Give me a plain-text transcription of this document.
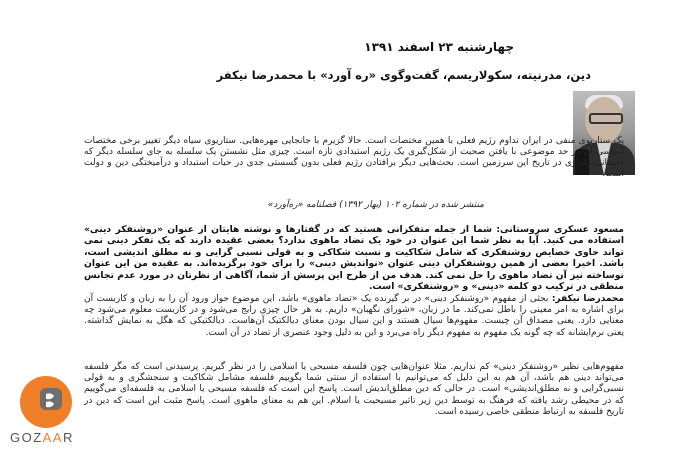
چهارشنبه ۲۳ اسفند ۱۳۹۱
دین، مدرنیته، سکولاریسم، گفت‌وگوی «ره آورد» با محمدرضا نیکفر

یک ستاریوی منفی در ایران تداوم رژیم فعلی با همین مختصات است. حالا گزیرم با جانجایی مهره‌هایی. ستاریوی سیاه دیگر تغییر برخی مختصات اساسی آن در حد موضوعی با یافتن صحبت از شکل‌گیری یک رژیم استبدادی تازه است. چیزی مثل نشستن یک سلسله به جای سلسله دیگر که داستانی تکراری در تاریخ این سرزمین است. بحث‌هایی دیگر برافتادن رژیم فعلی بدون گسستی جدی در حیات استبداد و درآمیختگی دین و دولت است.

منتشر شده در شماره ۱۰۲ (بهار ۱۳۹۲) فصلنامه «ره‌آورد»

مسعود عسکری سروستانی: شما از جمله متفکرانی هستید که در گفتارها و نوشته هایتان از عنوان «روشنفکر دینی» استفاده می کنید. آیا به نظر شما این عنوان در خود یک تضاد ماهوی ندارد؟ بعضی عقیده دارند که یک تفکر دینی نمی تواند حاوی خصایص روشنفکری که شامل شکاکیت و نسبت شکاکی و به قولی نسبی گرایی و نه مطلق اندیشی است، باشد. اخیرا بعضی از همین روشنفکران دینی عنوان «نواندیش دینی» را برای خود برگزیده‌اند. به عقیده من این عنوان نوساخته نیز آن تضاد ماهوی را حل نمی کند. هدف من از طرح این پرسش از شما، آگاهی از نظرتان در مورد عدم تجانس منطقی در ترکیب دو کلمه «دینی» و «روشنفکری» است.

محمدرضا نیکفر: بحثی از مفهوم «روشنفکر دینی» در بر گیرنده یک «تضاد ماهوی» باشد، این موضوع جواز ورود آن را به زبان و کاربست آن برای اشاره به امر معینی را باطل نمی‌کند. ما در زبان، «شورای نگهبان» داریم. به هر حال چیزی رایج می‌شود و در کاربست معلوم می‌شود چه معنایی دارد. یعنی مصداق آن چیست. مفهوم‌ها سیال هستند و این سیال بودن معنای دیالکتیک آن‌هاست. دیالکتیکی که هگل به نمایش گذاشته. یعنی نرم‌ایشانه که چه گونه یک مفهوم به مفهوم دیگر راه می‌برد و این به دلیل وجود عنصری از تضاد در آن است.

مفهوم‌هایی نظیر «روشنفکر دینی» کم نداریم. مثلا عنوان‌هایی چون فلسفه مسیحی یا اسلامی را در نظر گیریم. پرسیدنی است که مگر فلسفه می‌تواند دینی هم باشد، آن هم به این دلیل که می‌توانیم با استفاده از سنتی شما بگوییم فلسفه مشامل شکاکیت و سنجشگری و به قولی نسبی‌گرایی و نه مطلق‌اندیشی» است. در حالی که دین مطلق‌اندیش است. پاسخ این است که فلسفه مسیحی یا اسلامی به فلسفه‌ای می‌گوییم که در محیطی رشد یافته که فرهنگ به توسط دین زیر تاثیر مسیحیت یا اسلام. این هم به معنای ماهوی است. پاسخ مثبت این است که دین در تاریخ فلسفه به ارتباط منطقی خاصی رسیده است.

GOZAAR
